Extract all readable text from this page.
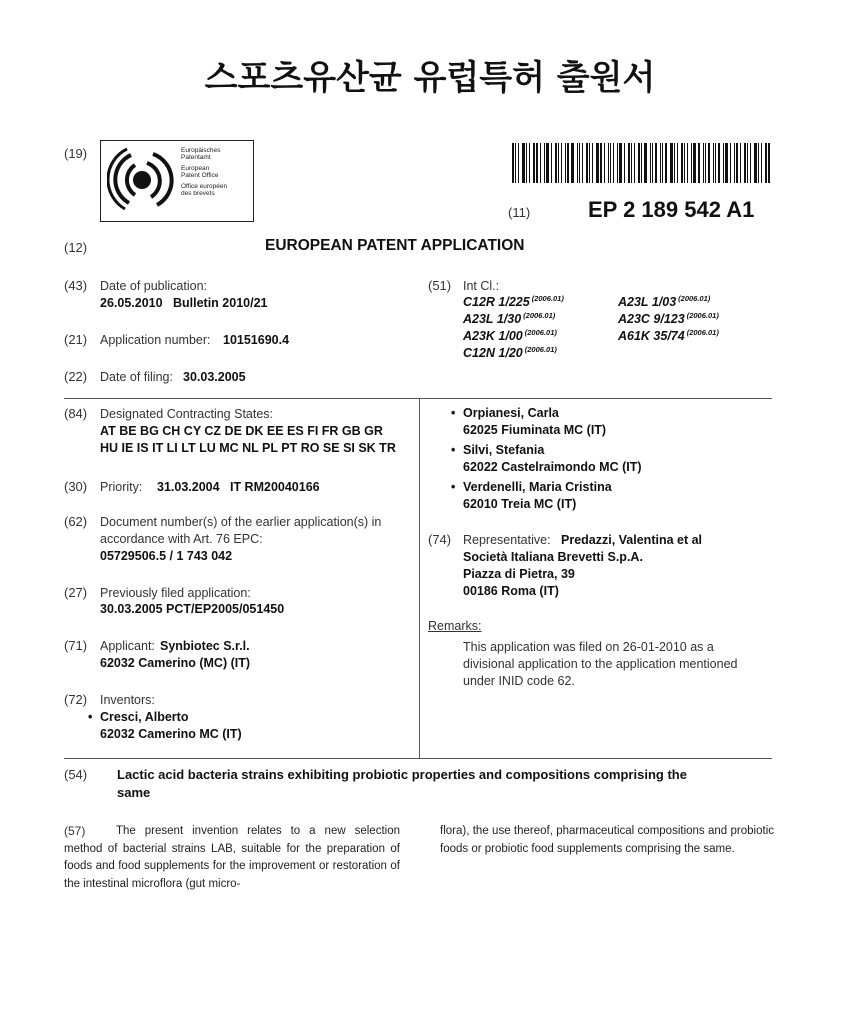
스포츠유산균 유럽특허 출원서
(19)	Europäisches
Patentamt
European
Patent Office
Office européen
des brevets
(11)	EP 2 189 542 A1
(12)	EUROPEAN PATENT APPLICATION
(43) Date of publication:
26.05.2010   Bulletin 2010/21
(21) Application number: 10151690.4
(22) Date of filing: 30.03.2005
(51) Int Cl.:
C12R 1/225 $^{(2006.01)}$	A23L 1/03 $^{(2006.01)}$
A23L 1/30 $^{(2006.01)}$	A23C 9/123 $^{(2006.01)}$
A23K 1/00 $^{(2006.01)}$	A61K 35/74 $^{(2006.01)}$
C12N 1/20 $^{(2006.01)}$
(84) Designated Contracting States:
AT BE BG CH CY CZ DE DK EE ES FI FR GB GR
HU IE IS IT LI LT LU MC NL PL PT RO SE SI SK TR
(30) Priority: 31.03.2004   IT RM20040166
(62) Document number(s) of the earlier application(s) in
accordance with Art. 76 EPC:
05729506.5 / 1 743 042
(27) Previously filed application:
30.03.2005 PCT/EP2005/051450
(71) Applicant: Synbiotec S.r.l.
62032 Camerino (MC) (IT)
(72) Inventors:
• Cresci, Alberto
62032 Camerino MC (IT)
• Orpianesi, Carla
62025 Fiuminata MC (IT)
• Silvi, Stefania
62022 Castelraimondo MC (IT)
• Verdenelli, Maria Cristina
62010 Treia MC (IT)
(74) Representative: Predazzi, Valentina et al
Società Italiana Brevetti S.p.A.
Piazza di Pietra, 39
00186 Roma (IT)
Remarks:
This application was filed on 26-01-2010 as a
divisional application to the application mentioned
under INID code 62.
(54) Lactic acid bacteria strains exhibiting probiotic properties and compositions comprising the
same
(57)	The present invention relates to a new selection method of bacterial strains LAB, suitable for the preparation of foods and food supplements for the improvement or restoration of the intestinal microflora (gut micro-
flora), the use thereof, pharmaceutical compositions and probiotic foods or probiotic food supplements comprising the same.
